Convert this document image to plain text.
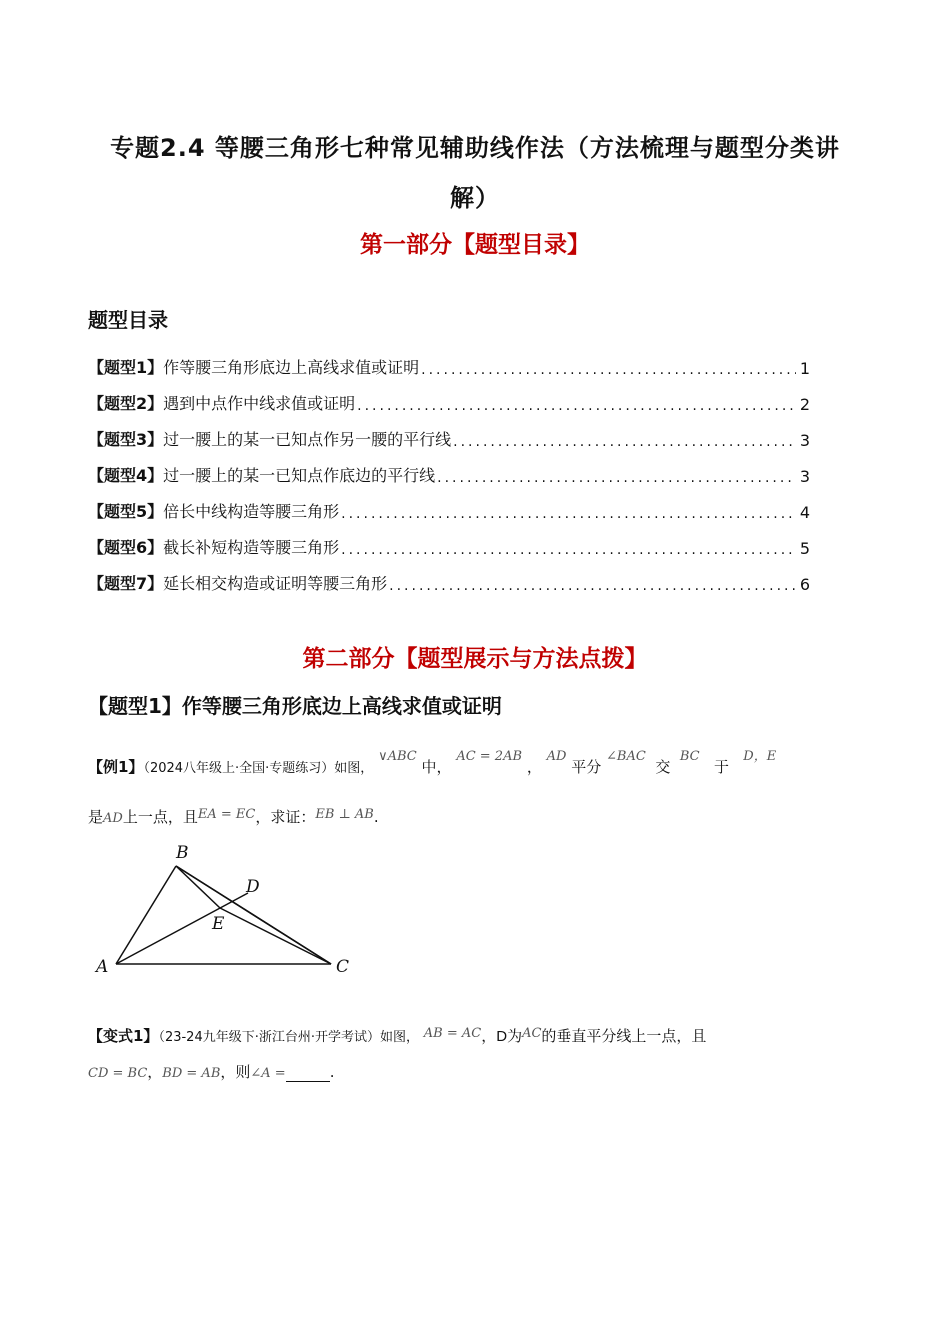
专题2.4 等腰三角形七种常见辅助线作法（方法梳理与题型分类讲
解）
第一部分【题型目录】
题型目录
【题型1】 作等腰三角形底边上高线求值或证明 .....	1
【题型2】 遇到中点作中线求值或证明 .....	2
【题型3】 过一腰上的某一已知点作另一腰的平行线 .....	3
【题型4】 过一腰上的某一已知点作底边的平行线 .....	3
【题型5】 倍长中线构造等腰三角形 .....	4
【题型6】 截长补短构造等腰三角形 .....	5
【题型7】 延长相交构造或证明等腰三角形 .....	6
第二部分【题型展示与方法点拨】
【题型1】作等腰三角形底边上高线求值或证明
【例1】（2024八年级上·全国·专题练习）如图， ∨ABC 中， AC = 2AB ， AD 平分 ∠BAC  交  BC   于   D，E
是AD上一点，且EA = EC，求证：EB ⊥ AB.
A
B
C
D
E
【变式1】（23-24九年级下·浙江台州·开学考试）如图， AB = AC，D为AC的垂直平分线上一点，且
CD = BC，BD = AB，则∠A =	.
